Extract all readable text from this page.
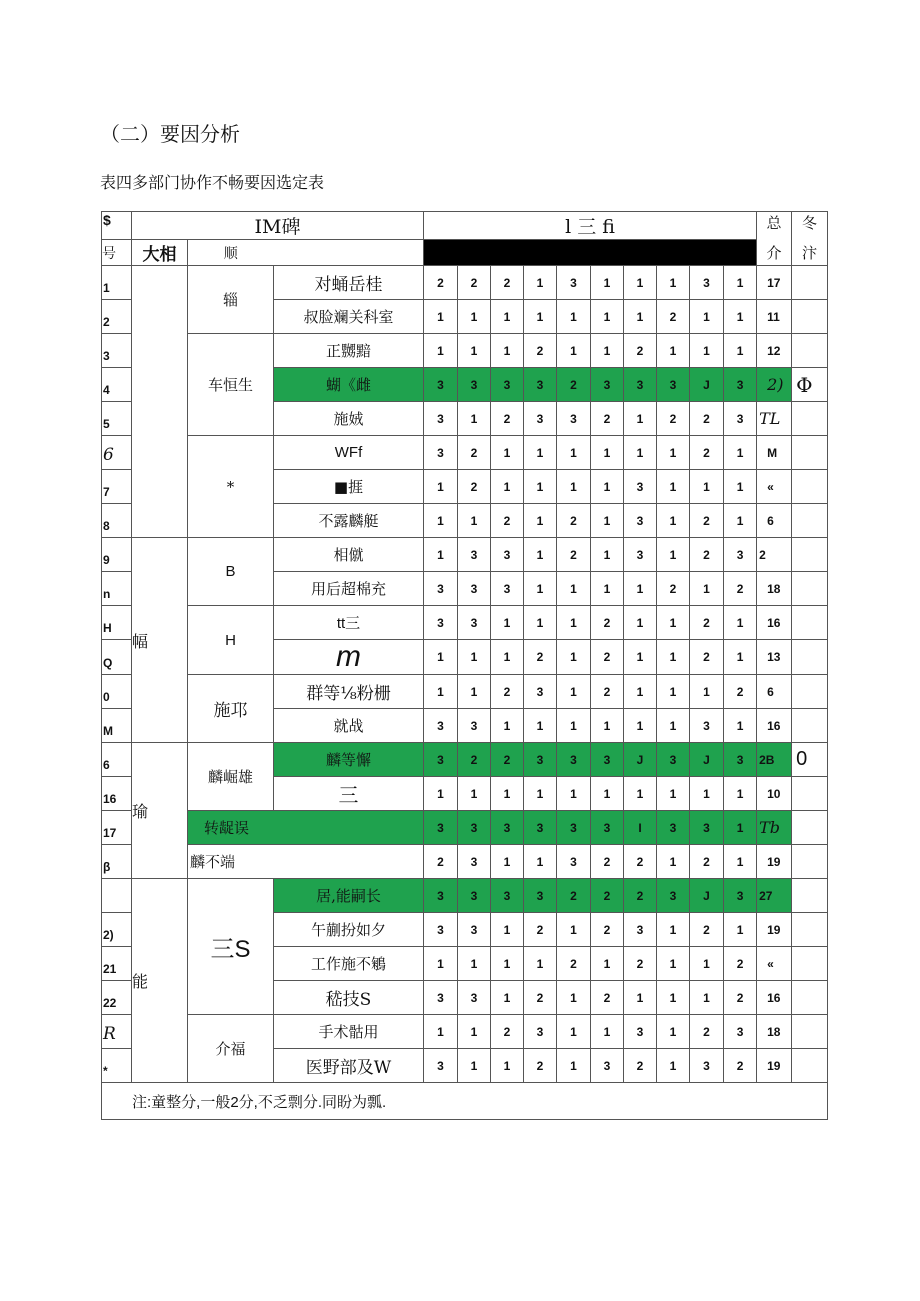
（二）要因分析
表四多部门协作不畅要因选定表
$	IM碑			l 三 fi										总	冬
号	大相	顺												介	汴
1		辎	对蛹岳桂	2	2	2	1	3	1	1	1	3	1	17	
2			叔脸斓关科室	1	1	1	1	1	1	1	2	1	1	11	
3		车恒生	正嬲黯	1	1	1	2	1	1	2	1	1	1	12	
4			蝴《雌	3	3	3	3	2	3	3	3	J	3	2)	Φ
5			施娀	3	1	2	3	3	2	1	2	2	3	TL	
6		*	WFf	3	2	1	1	1	1	1	1	2	1	M	
7			■捱	1	2	1	1	1	1	3	1	1	1	«	
8			不露麟艇	1	1	2	1	2	1	3	1	2	1	6	
9	幅	B	相僦	1	3	3	1	2	1	3	1	2	3	2	
n			用后超棉充	3	3	3	1	1	1	1	2	1	2	18	
H		H	tt三	3	3	1	1	1	2	1	1	2	1	16	
Q			m	1	1	1	2	1	2	1	1	2	1	13	
0		施邛	群等⅛粉栅	1	1	2	3	1	2	1	1	1	2	6	
M			就战	3	3	1	1	1	1	1	1	3	1	16	
6	瑜	麟崛雄	麟等懈	3	2	2	3	3	3	J	3	J	3	2B	0
16			三	1	1	1	1	1	1	1	1	1	1	10	
17		转龊误		3	3	3	3	3	3	I	3	3	1	Tb	
β		麟不端		2	3	1	1	3	2	2	1	2	1	19	
	能	三S	居,能嗣长	3	3	3	3	2	2	2	3	J	3	27	
2)			午蒯扮如夕	3	3	1	2	1	2	3	1	2	1	19	
21			工作施不鵴	1	1	1	1	2	1	2	1	1	2	«	
22			嵇技S	3	3	1	2	1	2	1	1	1	2	16	
R		介福	手术骷用	1	1	2	3	1	1	3	1	2	3	18	
*			医野部及W	3	1	1	2	1	3	2	1	3	2	19	
注:童整分,一般2分,不乏剽分.同盼为瓢.															
